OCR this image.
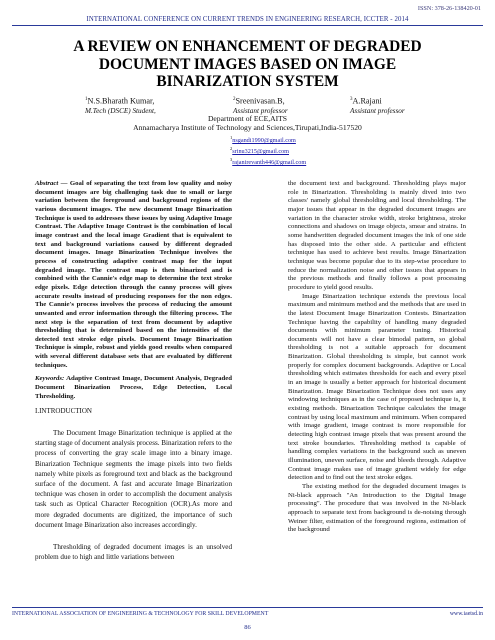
ISSN: 378-26-138420-01
INTERNATIONAL CONFERENCE ON CURRENT TRENDS IN ENGINEERING RESEARCH, ICCTER - 2014
A REVIEW ON ENHANCEMENT OF DEGRADED DOCUMENT IMAGES BASED ON IMAGE BINARIZATION SYSTEM
$^1$N.S.Bharath Kumar,
M.Tech (DSCE) Student,
$^2$Sreenivasan.B,
Assistant professor
$^3$A.Rajani
Assistant professor
Department of ECE,AITS
Annamacharya Institute of Technology and Sciences,Tirupati,India-517520
$^1$nsgandi1990@gmail.com
$^2$srinu3215@gmail.com
$^3$rajanirevanth446@gmail.com

Abstract — Goal of separating the text from low quality and noisy document images are big challenging task due to small or large variation between the foreground and background regions of the various document images. The new document Image Binarization Technique is used to addresses these issues by using Adaptive Image Contrast. The Adaptive Image Contrast is the combination of local image contrast and the local image Gradient that is equivalent to text and background variations caused by different degraded document images. Image Binarization Technique involves the process of constructing adaptive contrast map for the input degraded image. The contrast map is then binarized and is combined with the Cannie's edge map to determine the text stroke edge pixels. Edge detection through the canny process will gives accurate results instead of producing responses for the non edges. The Cannie's process involves the process of reducing the amount unwanted and error information through the filtering process. The next step is the separation of text from document by adaptive thresholding that is determined based on the intensities of the detected text stroke edge pixels. Document Image Binarization Technique is simple, robust and yields good results when compared with several different database sets that are evaluated by different techniques.

Keywords: Adaptive Contrast Image, Document Analysis, Degraded Document Binarization Process, Edge Detection, Local Thresholding.

I.INTRODUCTION

The Document Image Binarization technique is applied at the starting stage of document analysis process. Binarization refers to the process of converting the gray scale image into a binary image. Binarization Technique segments the image pixels into two fields namely white pixels as foreground text and black as the background surface of the document. A fast and accurate Image Binarization technique was chosen in order to accomplish the document analysis task such as Optical Character Recognition (OCR).As more and more degraded documents are digitized, the importance of such document Image Binarization also increases accordingly.

Thresholding of degraded document images is an unsolved problem due to high and little variations between

the document text and background. Thresholding plays major role in Binarization. Thresholding is mainly dived into two classes' namely global thresholding and local thresholding. The major issues that appear in the degraded document images are variation in the character stroke width, stroke brightness, stroke connections and shadows on image objects, smear and strains. In some handwritten degraded document images the ink of one side has disposed into the other side. A particular and efficient technique has used to achieve best results. Image Binarization technique was become popular due to its step-wise procedure to reduce the normalization noise and other issues that appears in the previous methods and finally follows a post processing procedure to yield good results.

Image Binarization technique extends the previous local maximum and minimum method and the methods that are used in the latest Document Image Binarization Contests. Binarization Technique having the capability of handling many degraded documents with minimum parameter tuning. Historical documents will not have a clear bimodal pattern, so global thresholding is not a suitable approach for document Binarization. Global thresholding is simple, but cannot work properly for complex document backgrounds. Adaptive or Local thresholding which estimates thresholds for each and every pixel in an image is usually a better approach for historical document Binarization. Image Binarization Technique does not uses any windowing techniques as in the case of proposed technique is, it existing methods. Binarization Technique calculates the image contrast by using local maximum and minimum. When compared with image gradient, image contrast is more responsible for detecting high contrast image pixels that was present around the text stroke boundaries. Thresholding method is capable of handling complex variations in the background such as uneven illumination, uneven surface, noise and bleeds through. Adaptive Contrast image makes use of image gradient widely for edge detection and to find out the text stroke edges.

The existing method for the degraded document images is Ni-black approach "An Introduction to the Digital Image processing". The procedure that was involved in the Ni-black approach to separate text from background is de-noising through Weiner filter, estimation of the foreground regions, estimation of the background

INTERNATIONAL ASSOCIATION OF ENGINEERING & TECHNOLOGY FOR SKILL DEVELOPMENT	www.iaetsd.in
86
